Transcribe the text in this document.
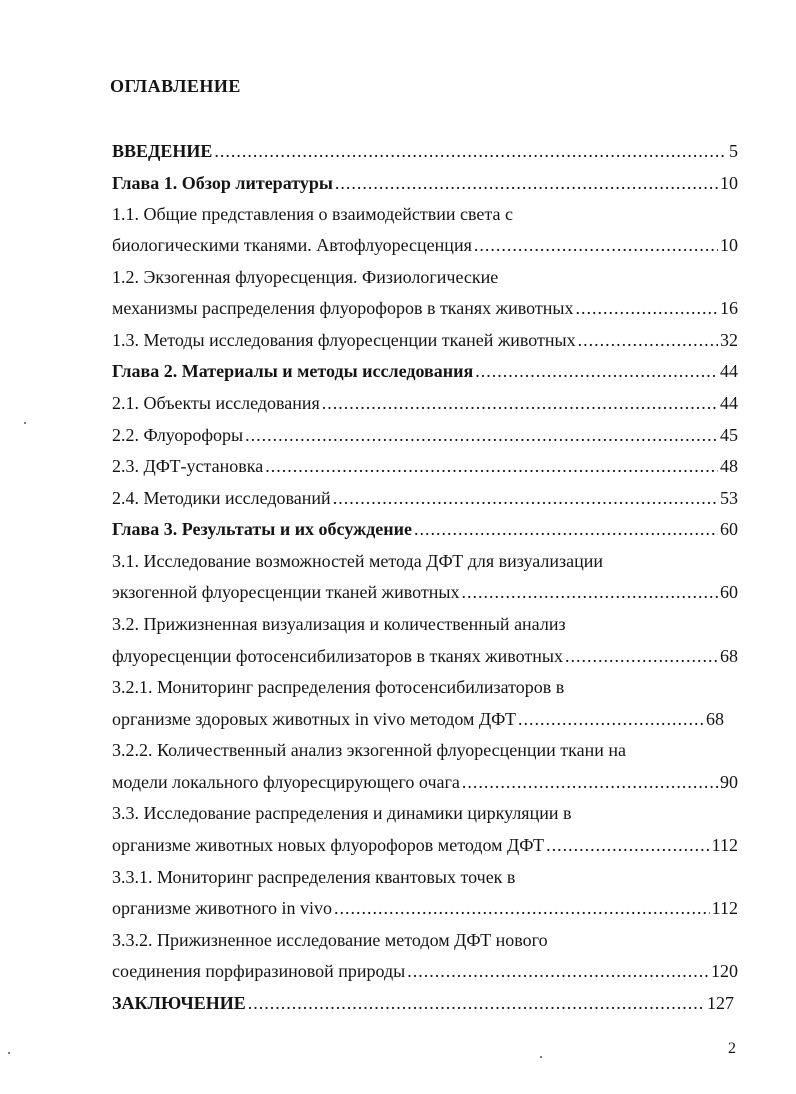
ОГЛАВЛЕНИЕ
ВВЕДЕНИЕ .....	5
Глава 1. Обзор литературы .....	10
1.1. Общие представления о взаимодействии света с
биологическими тканями. Автофлуоресценция .....	10
1.2. Экзогенная флуоресценция. Физиологические
механизмы распределения флуорофоров в тканях животных .....	16
1.3. Методы исследования флуоресценции тканей животных .....	32
Глава 2. Материалы и методы исследования .....	44
2.1. Объекты исследования .....	44
2.2. Флуорофоры .....	45
2.3. ДФТ-установка .....	48
2.4. Методики исследований .....	53
Глава 3. Результаты и их обсуждение .....	60
3.1. Исследование возможностей метода ДФТ для визуализации
экзогенной флуоресценции тканей животных .....	60
3.2. Прижизненная визуализация и количественный анализ
флуоресценции фотосенсибилизаторов в тканях животных .....	68
3.2.1. Мониторинг распределения фотосенсибилизаторов в
организме здоровых животных in vivo методом ДФТ .....	68
3.2.2. Количественный анализ экзогенной флуоресценции ткани на
модели локального флуоресцирующего очага .....	90
3.3. Исследование распределения и динамики циркуляции в
организме животных новых флуорофоров методом ДФТ .....	112
3.3.1. Мониторинг распределения квантовых точек в
организме животного in vivo .....	112
3.3.2. Прижизненное исследование методом ДФТ нового
соединения порфиразиновой природы .....	120
ЗАКЛЮЧЕНИЕ .....	127
2
